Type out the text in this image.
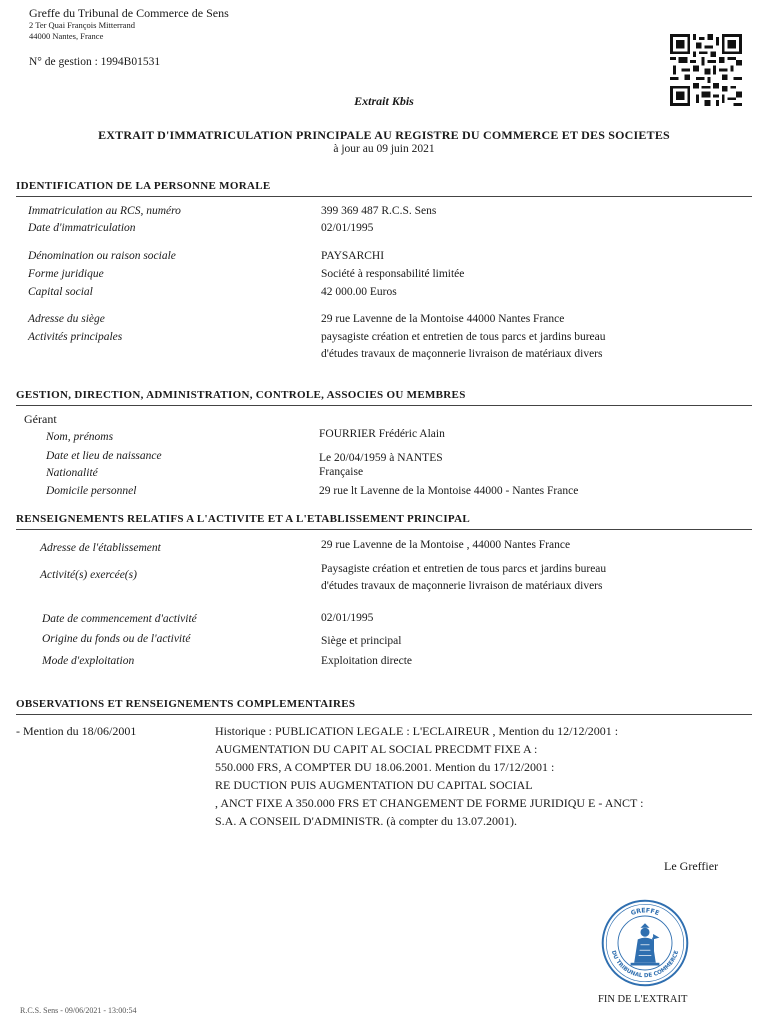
Greffe du Tribunal de Commerce de Sens
2 Ter Quai François Mitterrand
44000 Nantes, France
N° de gestion : 1994B01531
Extrait Kbis
EXTRAIT D'IMMATRICULATION PRINCIPALE AU REGISTRE DU COMMERCE ET DES SOCIETES
à jour au 09 juin 2021
IDENTIFICATION DE LA PERSONNE MORALE
Immatriculation au RCS, numéro	399 369 487 R.C.S. Sens
Date d'immatriculation	02/01/1995
Dénomination ou raison sociale	PAYSARCHI
Forme juridique	Société à responsabilité limitée
Capital social	42 000.00 Euros
Adresse du siège	29 rue Lavenne de la Montoise 44000 Nantes France
Activités principales	paysagiste création et entretien de tous parcs et jardins bureau
d'études travaux de maçonnerie livraison de matériaux divers
GESTION, DIRECTION, ADMINISTRATION, CONTROLE, ASSOCIES OU MEMBRES
Gérant
Nom, prénoms	FOURRIER Frédéric Alain
Date et lieu de naissance	Le 20/04/1959 à NANTES
Nationalité	Française
Domicile personnel	29 rue lt Lavenne de la Montoise 44000 - Nantes France
RENSEIGNEMENTS RELATIFS A L'ACTIVITE ET A L'ETABLISSEMENT PRINCIPAL
Adresse de l'établissement	29 rue Lavenne de la Montoise , 44000 Nantes France
Activité(s) exercée(s)	Paysagiste création et entretien de tous parcs et jardins bureau
d'études travaux de maçonnerie livraison de matériaux divers
Date de commencement d'activité	02/01/1995
Origine du fonds ou de l'activité	Siège et principal
Mode d'exploitation	Exploitation directe
OBSERVATIONS ET RENSEIGNEMENTS COMPLEMENTAIRES
- Mention du 18/06/2001	Historique : PUBLICATION LEGALE : L'ECLAIREUR , Mention du 12/12/2001 :
AUGMENTATION DU CAPIT AL SOCIAL PRECDMT FIXE A :
550.000 FRS, A COMPTER DU 18.06.2001. Mention du 17/12/2001 :
RE DUCTION PUIS AUGMENTATION DU CAPITAL SOCIAL
, ANCT FIXE A 350.000 FRS ET CHANGEMENT DE FORME JURIDIQU E - ANCT :
S.A. A CONSEIL D'ADMINISTR. (à compter du 13.07.2001).
Le Greffier
GREFFE
DU TRIBUNAL DE COMMERCE
FIN DE L'EXTRAIT
R.C.S. Sens - 09/06/2021 - 13:00:54
